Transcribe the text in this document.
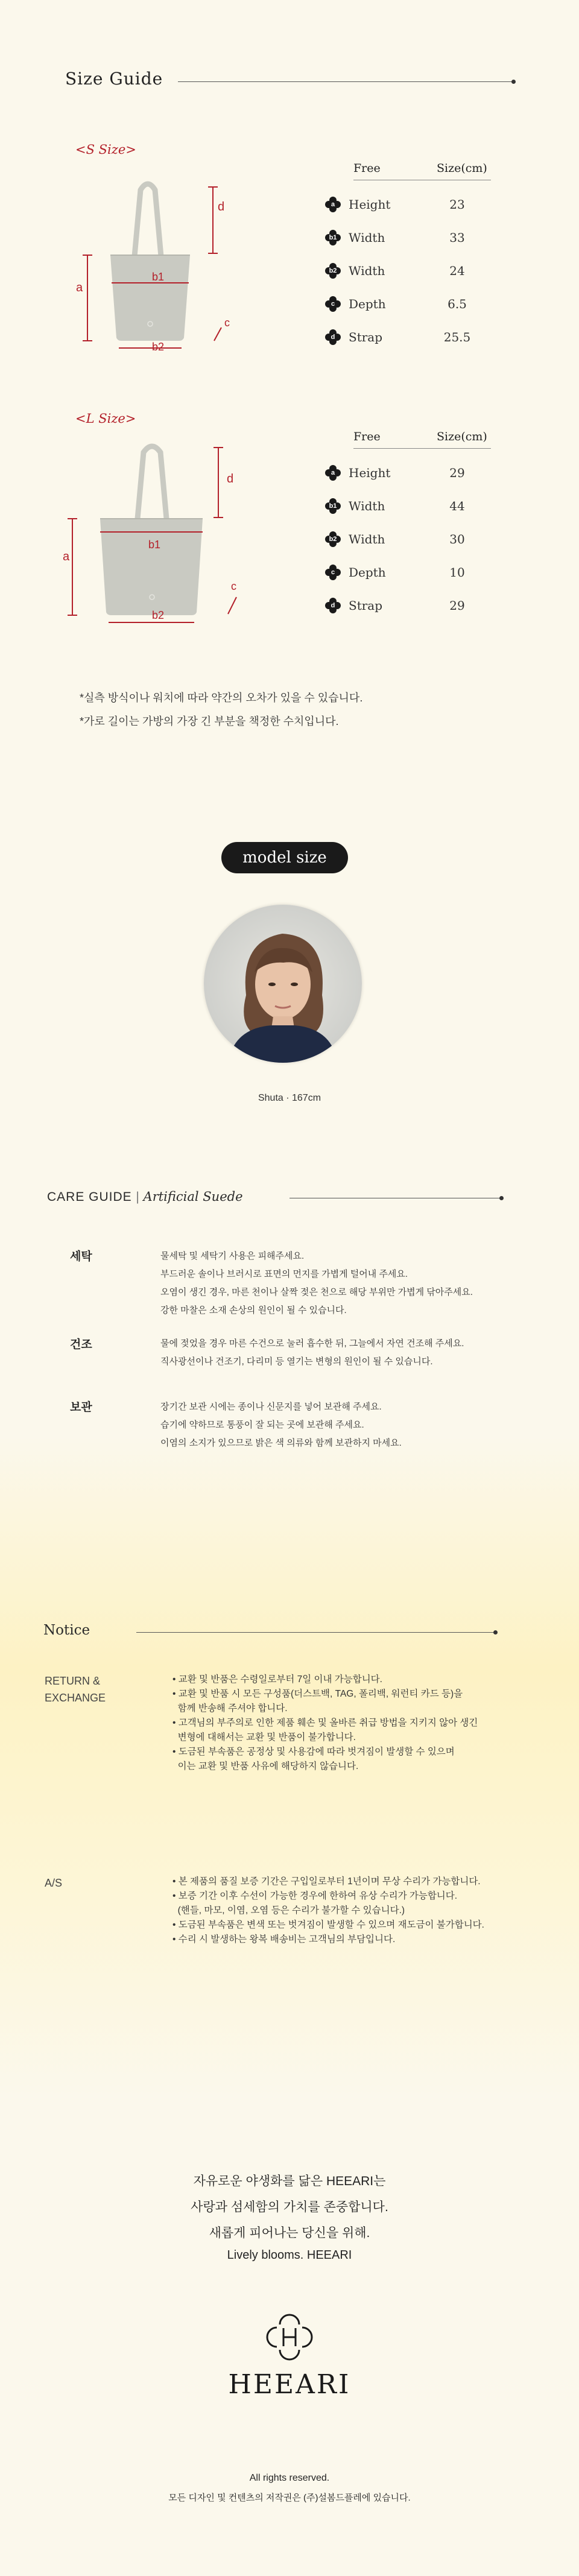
Size Guide
<S Size>
d
a
b1
b2
c
Free	Size(cm)
a	Height	23
b1 Width	33
b2 Width	24
c	Depth	6.5
d	Strap	25.5
<L Size>
d
a
b1
b2
c
Free	Size(cm)
a	Height	29
b1 Width	44
b2 Width	30
c	Depth	10
d	Strap	29
*실측 방식이나 워치에 따라 약간의 오차가 있을 수 있습니다.
*가로 길이는 가방의 가장 긴 부분을 책정한 수치입니다.
model size
Shuta · 167cm
CARE GUIDE | Artificial Suede
세탁	물세탁 및 세탁기 사용은 피해주세요.
부드러운 솔이나 브러시로 표면의 먼지를 가볍게 털어내 주세요.
오염이 생긴 경우, 마른 천이나 살짝 젖은 천으로 해당 부위만 가볍게 닦아주세요.
강한 마찰은 소재 손상의 원인이 될 수 있습니다.
건조	물에 젖었을 경우 마른 수건으로 눌러 흡수한 뒤, 그늘에서 자연 건조해 주세요.
직사광선이나 건조기, 다리미 등 열기는 변형의 원인이 될 수 있습니다.
보관	장기간 보관 시에는 종이나 신문지를 넣어 보관해 주세요.
습기에 약하므로 통풍이 잘 되는 곳에 보관해 주세요.
이염의 소지가 있으므로 밝은 색 의류와 함께 보관하지 마세요.
Notice
RETURN &
EXCHANGE
• 교환 및 반품은 수령일로부터 7일 이내 가능합니다.
• 교환 및 반품 시 모든 구성품(더스트백, TAG, 폴리백, 워런티 카드 등)을
함께 반송해 주셔야 합니다.
• 고객님의 부주의로 인한 제품 훼손 및 올바른 취급 방법을 지키지 않아 생긴
변형에 대해서는 교환 및 반품이 불가합니다.
• 도금된 부속품은 공정상 및 사용감에 따라 벗겨짐이 발생할 수 있으며
이는 교환 및 반품 사유에 해당하지 않습니다.
A/S	• 본 제품의 품질 보증 기간은 구입일로부터 1년이며 무상 수리가 가능합니다.
• 보증 기간 이후 수선이 가능한 경우에 한하여 유상 수리가 가능합니다.
(핸들, 마모, 이염, 오염 등은 수리가 불가할 수 있습니다.)
• 도금된 부속품은 변색 또는 벗겨짐이 발생할 수 있으며 재도금이 불가합니다.
• 수리 시 발생하는 왕복 배송비는 고객님의 부담입니다.
자유로운 야생화를 닮은 HEEARI는
사랑과 섬세함의 가치를 존중합니다.
새롭게 피어나는 당신을 위해.
Lively blooms. HEEARI
HEEARI
All rights reserved.
모든 디자인 및 컨텐츠의 저작권은 (주)설봄드플레에 있습니다.
